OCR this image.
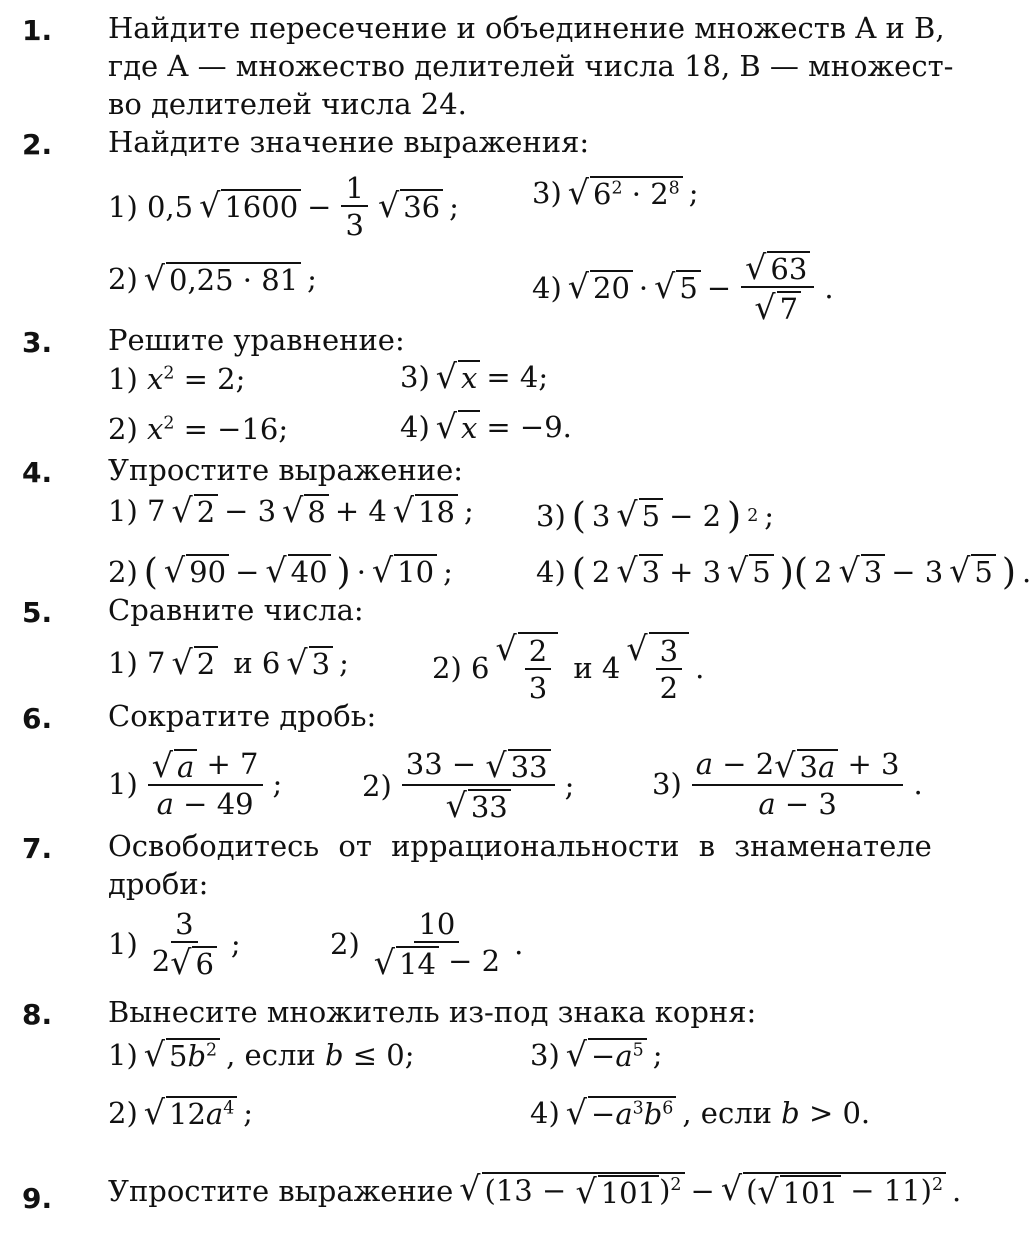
1. Найдите пересечение и объединение множеств A и B,
где A — множество делителей числа 18, B — множест-
во делителей числа 24.
2. Найдите значение выражения:
1) 0,5 √ $1600 - \frac{1}{3}$ √ 36 ;	3) √ $6^2 \cdot 2^8$ ;
2) √ 0,25 · 81 ;	4) √ 20 · √ $5 - \frac{√ 63}{√ 7}$ .
3. Решите уравнение:
1) $x^2 = 2$;	3) √ x = 4;
2) $x^2 = -16$;	4) √ x = −9.
4. Упростите выражение:
1) 7 √ 2 − 3 √ 8 + 4 √ 18 ; 3) ( 3 √ 5 − 2 ) 2 ;
2) ( √ 90 − √ 40 ) · √ 10 ;	4) ( 2 √ 3 + 3 √ 5 )( 2 √ 3 − 3 √ 5 ) .
5. Сравните числа:
1) 7 √ 2 и 6 √ 3 ;	2) 6 √ $\frac{2}{3}$ и 4 √ $\frac{3}{2}$ .
6. Сократите дробь:
$1) \frac{√ a + 7}{a - 49}$ ;	$2) \frac{33 - √ 33}{√ 33}$ ;	$3) \frac{a - 2 √ 3a + 3}{a - 3}$ .
7. Освободитесь от иррациональности в знаменателе
дроби:
$1) \frac{3}{2 √ 6}$ ;	$2) \frac{10}{√ 14 - 2}$ .
8. Вынесите множитель из-под знака корня:
1) √ $5b^2$ , если b ≤ 0;	3) √ $-a^5$ ;
2) √ $12a^4$ ;	4) √ $-a^3b^6$ , если b > 0.
9. Упростите выражение √ (13 − √ 101 )$^2$ − √ ( √ 101 − 11)$^2$ .
